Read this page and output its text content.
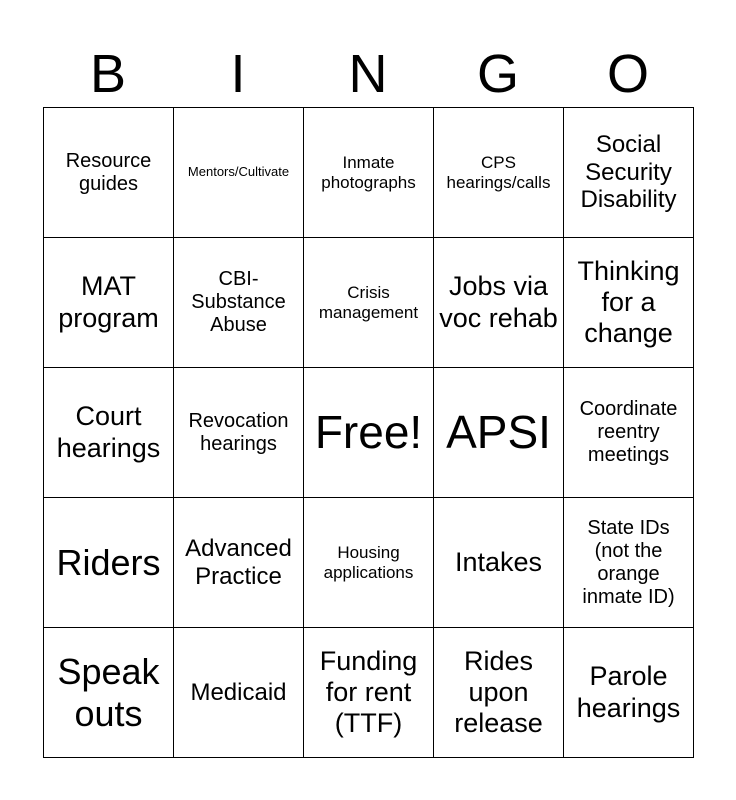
B	I	N	G	O
Resource guides	Mentors/Cultivate	Inmate photographs	CPS hearings/calls	Social Security Disability
MAT program	CBI-Substance Abuse	Crisis management	Jobs via voc rehab	Thinking for a change
Court hearings	Revocation hearings	Free!	APSI	Coordinate reentry meetings
Riders	Advanced Practice	Housing applications	Intakes	State IDs (not the orange inmate ID)
Speak outs	Medicaid	Funding for rent (TTF)	Rides upon release	Parole hearings
